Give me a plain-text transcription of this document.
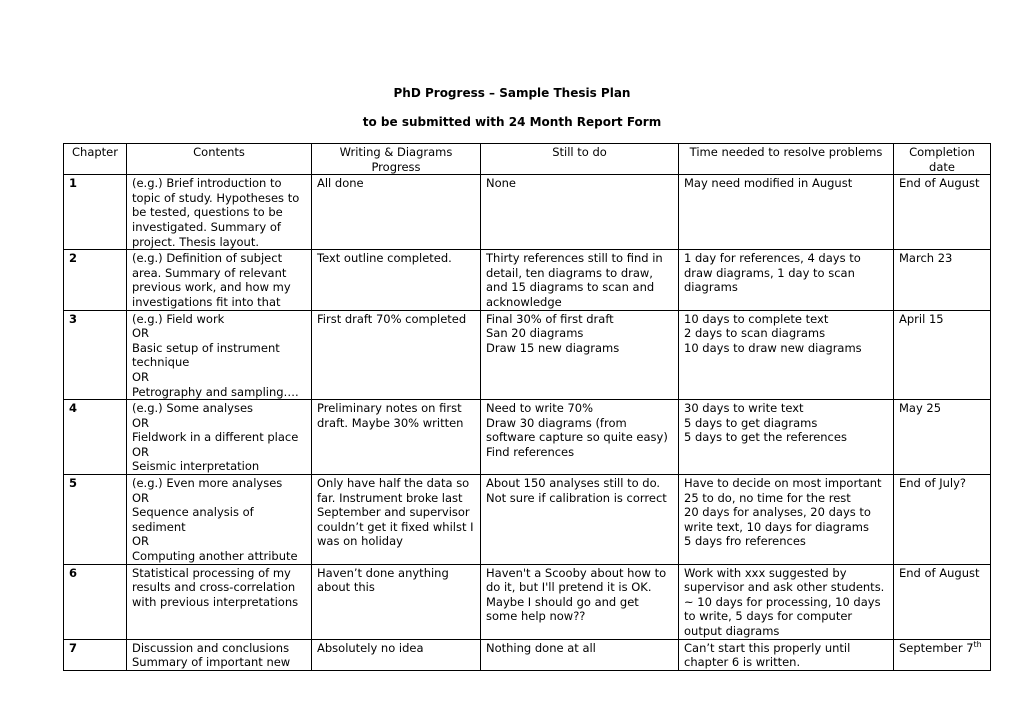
PhD Progress – Sample Thesis Plan
to be submitted with 24 Month Report Form
Chapter	Contents	Writing & Diagrams Progress	Still to do	Time needed to resolve problems	Completion date
1	(e.g.) Brief introduction to topic of study. Hypotheses to be tested, questions to be investigated. Summary of project. Thesis layout.	All done	None	May need modified in August	End of August

2	(e.g.) Definition of subject area. Summary of relevant previous work, and how my investigations fit into that	Text outline completed.	Thirty references still to find in detail, ten diagrams to draw, and 15 diagrams to scan and acknowledge	1 day for references, 4 days to draw diagrams, 1 day to scan diagrams	March 23

3	(e.g.) Field work
OR
Basic setup of instrument technique
OR
Petrography and sampling….	First draft 70% completed	Final 30% of first draft
San 20 diagrams
Draw 15 new diagrams	10 days to complete text
2 days to scan diagrams
10 days to draw new diagrams	April 15

4	(e.g.) Some analyses
OR
Fieldwork in a different place
OR
Seismic interpretation	Preliminary notes on first draft. Maybe 30% written	Need to write 70%
Draw 30 diagrams (from software capture so quite easy)
Find references	30 days to write text
5 days to get diagrams
5 days to get the references	May 25

5	(e.g.) Even more analyses
OR
Sequence analysis of sediment
OR
Computing another attribute	Only have half the data so far. Instrument broke last September and supervisor couldn’t get it fixed whilst I was on holiday	About 150 analyses still to do.
Not sure if calibration is correct	Have to decide on most important 25 to do, no time for the rest
20 days for analyses, 20 days to write text, 10 days for diagrams
5 days fro references	End of July?

6	Statistical processing of my results and cross-correlation with previous interpretations	Haven’t done anything about this	Haven't a Scooby about how to do it, but I'll pretend it is OK. Maybe I should go and get some help now??	Work with xxx suggested by supervisor and ask other students.
~ 10 days for processing, 10 days to write, 5 days for computer output diagrams	End of August

7	Discussion and conclusions
Summary of important new	Absolutely no idea	Nothing done at all	Can’t start this properly until chapter 6 is written.	September 7th
